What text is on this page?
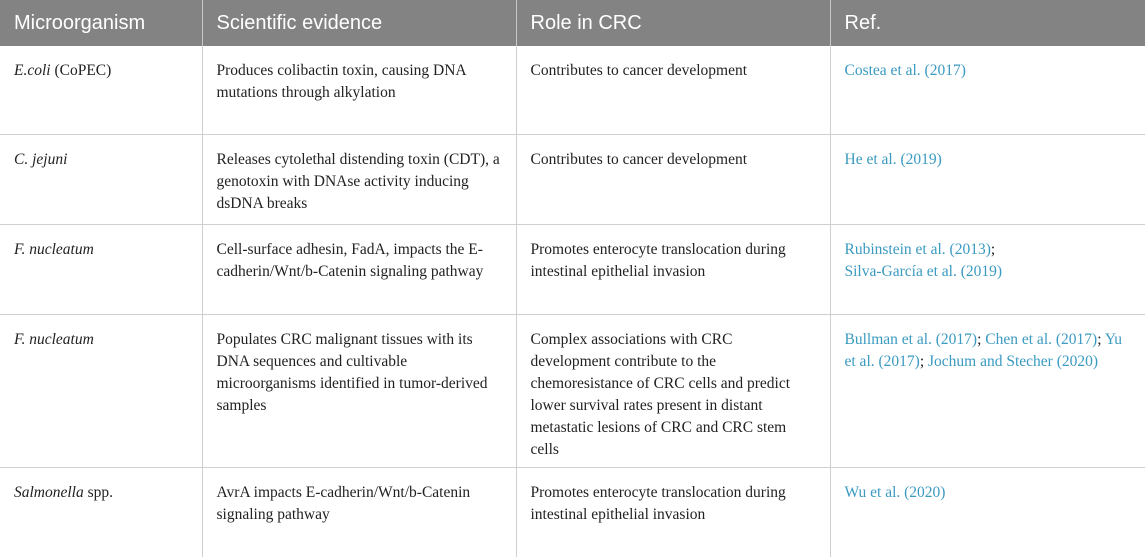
Microorganism	Scientific evidence	Role in CRC	Ref.
E.coli (CoPEC)	Produces colibactin toxin, causing DNA mutations through alkylation	Contributes to cancer development	Costea et al. (2017)
C. jejuni	Releases cytolethal distending toxin (CDT), a genotoxin with DNAse activity inducing dsDNA breaks	Contributes to cancer development	He et al. (2019)
F. nucleatum	Cell-surface adhesin, FadA, impacts the E-cadherin/Wnt/b-Catenin signaling pathway	Promotes enterocyte translocation during intestinal epithelial invasion	Rubinstein et al. (2013);
Silva-García et al. (2019)
F. nucleatum	Populates CRC malignant tissues with its DNA sequences and cultivable microorganisms identified in tumor-derived samples	Complex associations with CRC development contribute to the chemoresistance of CRC cells and predict lower survival rates present in distant metastatic lesions of CRC and CRC stem cells	Bullman et al. (2017); Chen et al. (2017); Yu et al. (2017); Jochum and Stecher (2020)
Salmonella spp.	AvrA impacts E-cadherin/Wnt/b-Catenin signaling pathway	Promotes enterocyte translocation during intestinal epithelial invasion	Wu et al. (2020)
